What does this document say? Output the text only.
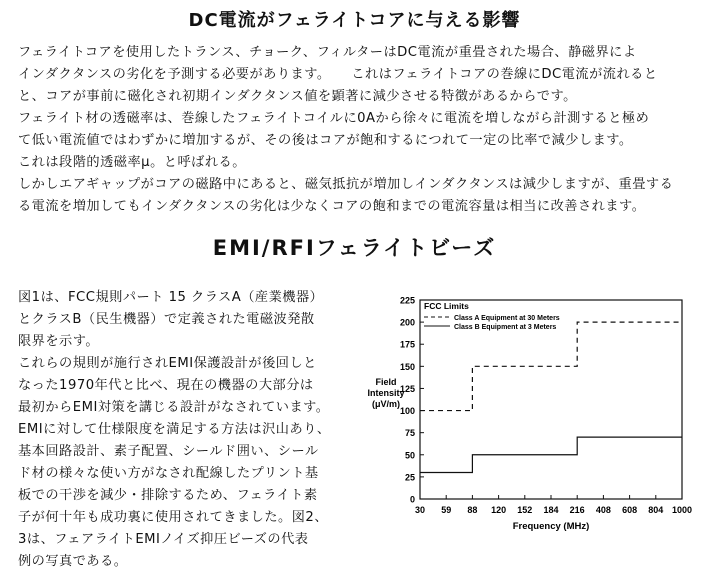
DC電流がフェライトコアに与える影響
フェライトコアを使用したトランス、チョーク、フィルターはDC電流が重畳された場合、静磁界によ
インダクタンスの劣化を予測する必要があります。　　これはフェライトコアの巻線にDC電流が流れると
と、コアが事前に磁化され初期インダクタンス値を顕著に減少させる特徴があるからです。
フェライト材の透磁率は、巻線したフェライトコイルに0Aから徐々に電流を増しながら計測すると極め
て低い電流値ではわずかに増加するが、その後はコアが飽和するにつれて一定の比率で減少します。
これは段階的透磁率μ。と呼ばれる。
しかしエアギャップがコアの磁路中にあると、磁気抵抗が増加しインダクタンスは減少しますが、重畳する
る電流を増加してもインダクタンスの劣化は少なくコアの飽和までの電流容量は相当に改善されます。
EMI/RFIフェライトビーズ
図1は、FCC規則パート 15 クラスA（産業機器）
とクラスB（民生機器）で定義された電磁波発散
限界を示す。
これらの規則が施行されEMI保護設計が後回しと
なった1970年代と比べ、現在の機器の大部分は
最初からEMI対策を講じる設計がなされています。
EMIに対して仕様限度を満足する方法は沢山あり、
基本回路設計、素子配置、シールド囲い、シール
ド材の様々な使い方がなされ配線したプリント基
板での干渉を減少・排除するため、フェライト素
子が何十年も成功裏に使用されてきました。図2、
3は、フェアライトEMIノイズ抑圧ビーズの代表
例の写真である。
Field
Intensity
(μV/m)
Frequency (MHz)
0
25
50
75
100
125
150
175
200
225
30 59 88 120 152 184 216 408 608 804 1000
FCC Limits
Class A Equipment at 30 Meters
Class B Equipment at 3 Meters
